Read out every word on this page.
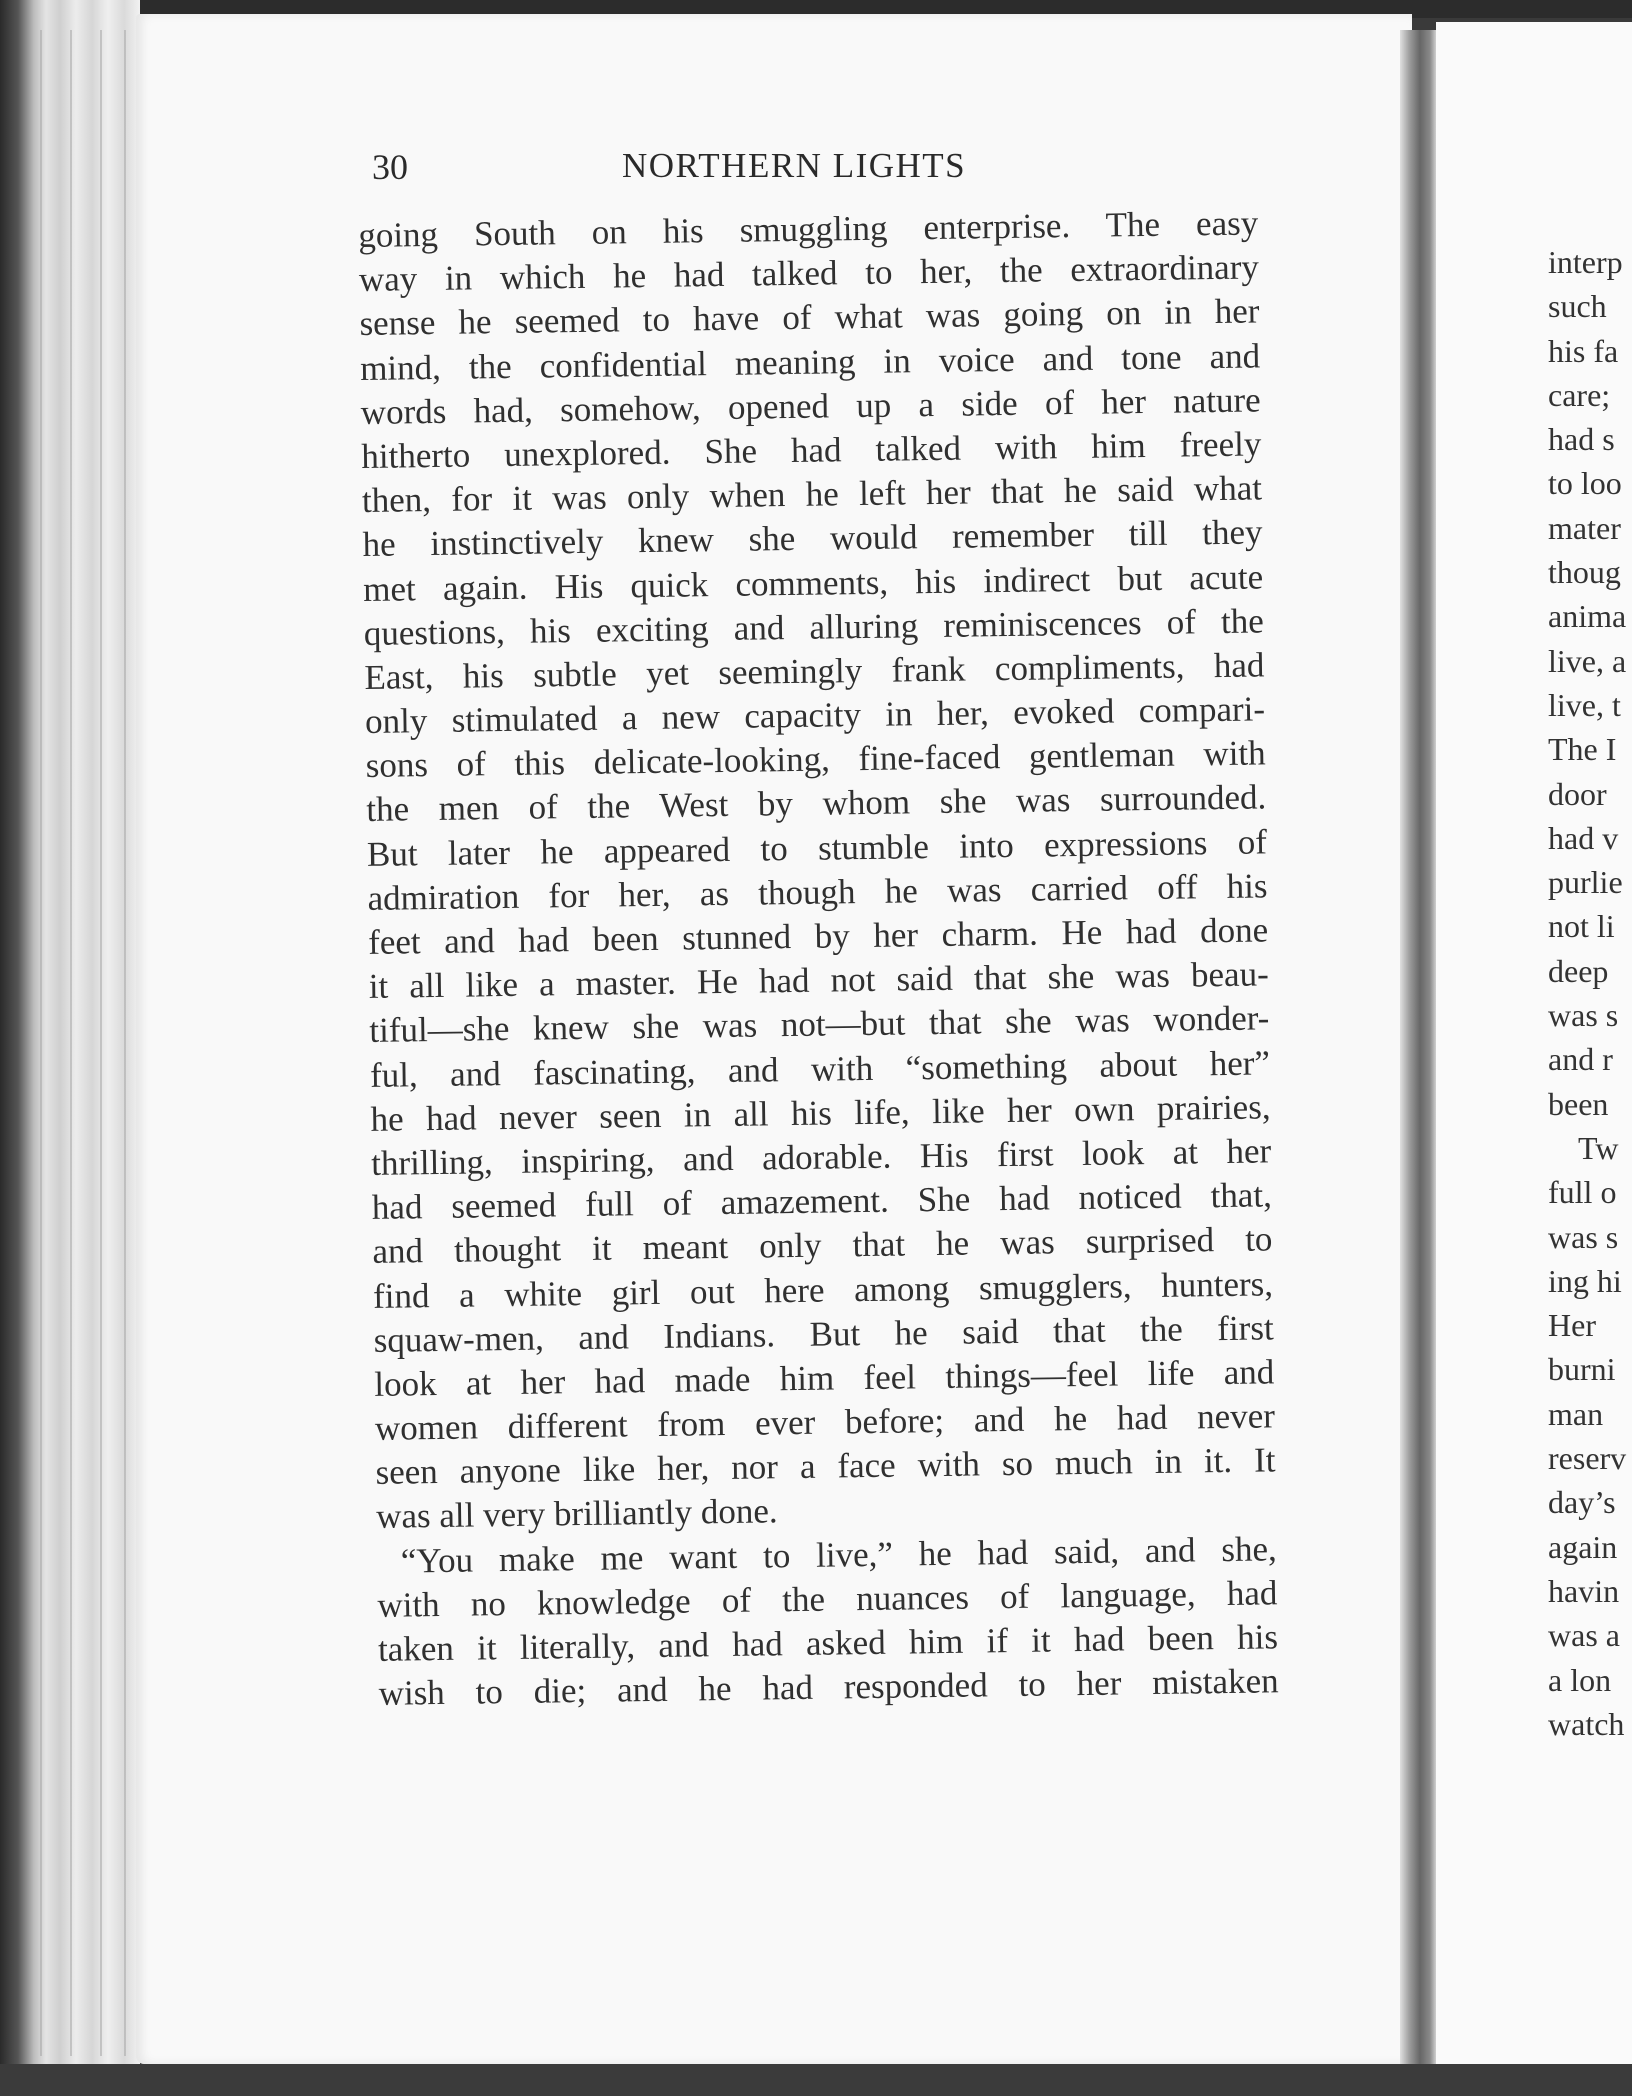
30	NORTHERN LIGHTS
going South on his smuggling enterprise. The easy
way in which he had talked to her, the extraordinary
sense he seemed to have of what was going on in her
mind, the confidential meaning in voice and tone and
words had, somehow, opened up a side of her nature
hitherto unexplored. She had talked with him freely
then, for it was only when he left her that he said what
he instinctively knew she would remember till they
met again. His quick comments, his indirect but acute
questions, his exciting and alluring reminiscences of the
East, his subtle yet seemingly frank compliments, had
only stimulated a new capacity in her, evoked compari-
sons of this delicate-looking, fine-faced gentleman with
the men of the West by whom she was surrounded.
But later he appeared to stumble into expressions of
admiration for her, as though he was carried off his
feet and had been stunned by her charm. He had done
it all like a master. He had not said that she was beau-
tiful—she knew she was not—but that she was wonder-
ful, and fascinating, and with “something about her”
he had never seen in all his life, like her own prairies,
thrilling, inspiring, and adorable. His first look at her
had seemed full of amazement. She had noticed that,
and thought it meant only that he was surprised to
find a white girl out here among smugglers, hunters,
squaw-men, and Indians. But he said that the first
look at her had made him feel things—feel life and
women different from ever before; and he had never
seen anyone like her, nor a face with so much in it. It
was all very brilliantly done.
“You make me want to live,” he had said, and she,
with no knowledge of the nuances of language, had
taken it literally, and had asked him if it had been his
wish to die; and he had responded to her mistaken
interp
such
his fa
care;
had s
to loo
mater
thoug
anima
live, a
live, t
The I
door
had v
purlie
not li
deep
was s
and r
been
Tw
full o
was s
ing hi
Her
burni
man
reserv
day’s
again
havin
was a
a lon
watch
